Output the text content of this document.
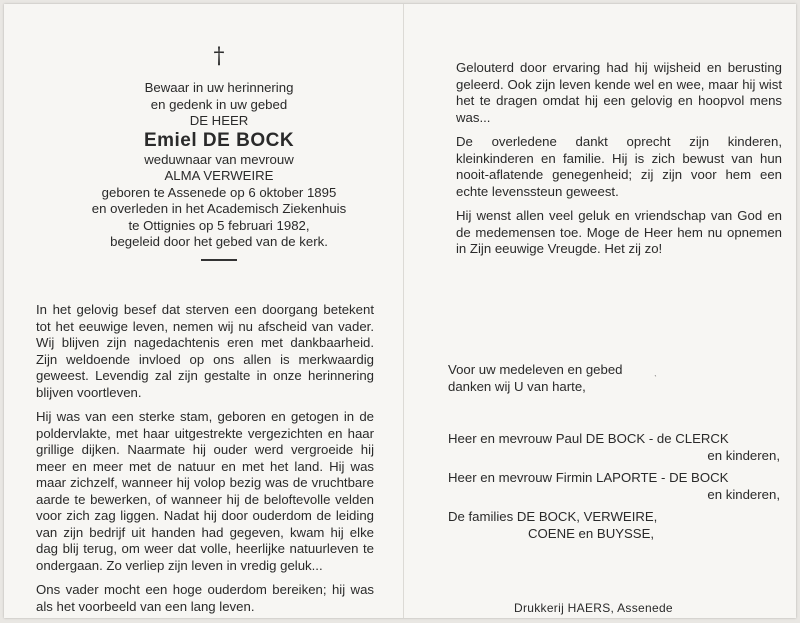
†
Bewaar in uw herinnering
en gedenk in uw gebed
DE HEER
Emiel DE BOCK
weduwnaar van mevrouw
ALMA VERWEIRE
geboren te Assenede op 6 oktober 1895
en overleden in het Academisch Ziekenhuis
te Ottignies op 5 februari 1982,
begeleid door het gebed van de kerk.

In het gelovig besef dat sterven een doorgang betekent tot het eeuwige leven, nemen wij nu afscheid van vader. Wij blijven zijn nagedachtenis eren met dankbaarheid. Zijn weldoende invloed op ons allen is merkwaardig geweest. Levendig zal zijn gestalte in onze herinnering blijven voortleven.

Hij was van een sterke stam, geboren en getogen in de poldervlakte, met haar uitgestrekte vergezichten en haar grillige dijken. Naarmate hij ouder werd vergroeide hij meer en meer met de natuur en met het land. Hij was maar zichzelf, wanneer hij volop bezig was de vruchtbare aarde te bewerken, of wanneer hij de beloftevolle velden voor zich zag liggen. Nadat hij door ouderdom de leiding van zijn bedrijf uit handen had gegeven, kwam hij elke dag blij terug, om weer dat volle, heerlijke natuurleven te ondergaan. Zo verliep zijn leven in vredig geluk...

Ons vader mocht een hoge ouderdom bereiken; hij was als het voorbeeld van een lang leven.

Gelouterd door ervaring had hij wijsheid en berusting geleerd. Ook zijn leven kende wel en wee, maar hij wist het te dragen omdat hij een gelovig en hoopvol mens was...

De overledene dankt oprecht zijn kinderen, kleinkinderen en familie. Hij is zich bewust van hun nooit-aflatende genegenheid; zij zijn voor hem een echte levenssteun geweest.

Hij wenst allen veel geluk en vriendschap van God en de medemensen toe. Moge de Heer hem nu opnemen in Zijn eeuwige Vreugde. Het zij zo!

Voor uw medeleven en gebed
danken wij U van harte,	ˋ
Heer en mevrouw Paul DE BOCK - de CLERCK
en kinderen,
Heer en mevrouw Firmin LAPORTE - DE BOCK
en kinderen,
De families DE BOCK, VERWEIRE,
COENE en BUYSSE,
Drukkerij HAERS, Assenede
